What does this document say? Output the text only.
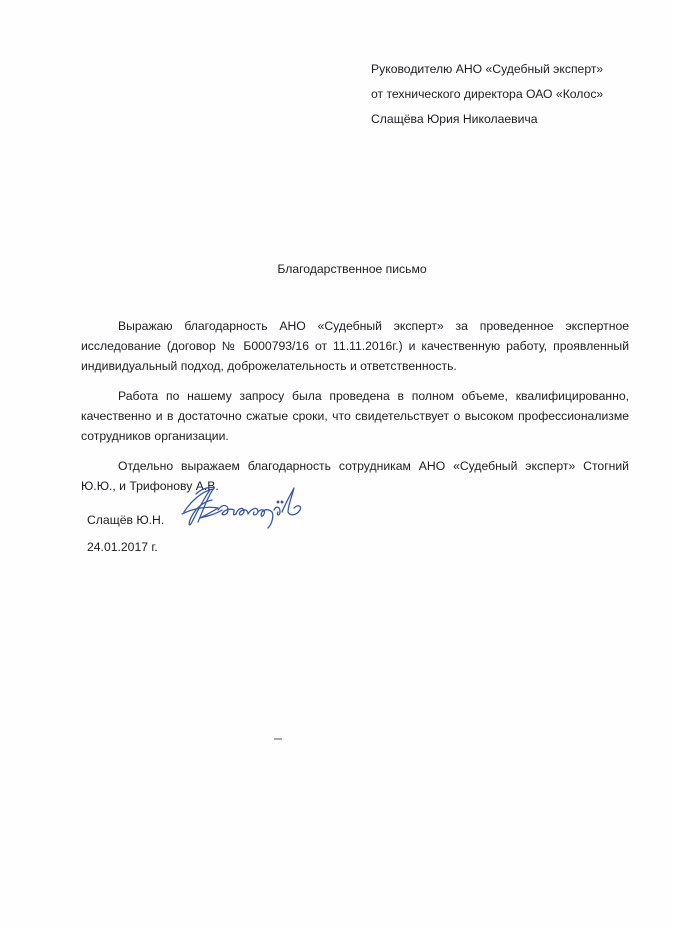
Руководителю АНО «Судебный эксперт»
от технического директора ОАО «Колос»
Слащёва Юрия Николаевича
Благодарственное письмо

Выражаю благодарность АНО «Судебный эксперт» за проведенное экспертное исследование (договор № Б000793/16 от 11.11.2016г.) и качественную работу, проявленный индивидуальный подход, доброжелательность и ответственность.

Работа по нашему запросу была проведена в полном объеме, квалифицированно, качественно и в достаточно сжатые сроки, что свидетельствует о высоком профессионализме сотрудников организации.

Отдельно выражаем благодарность сотрудникам АНО «Судебный эксперт» Стогний Ю.Ю., и Трифонову А.В.

Слащёв Ю.Н.
24.01.2017 г.
